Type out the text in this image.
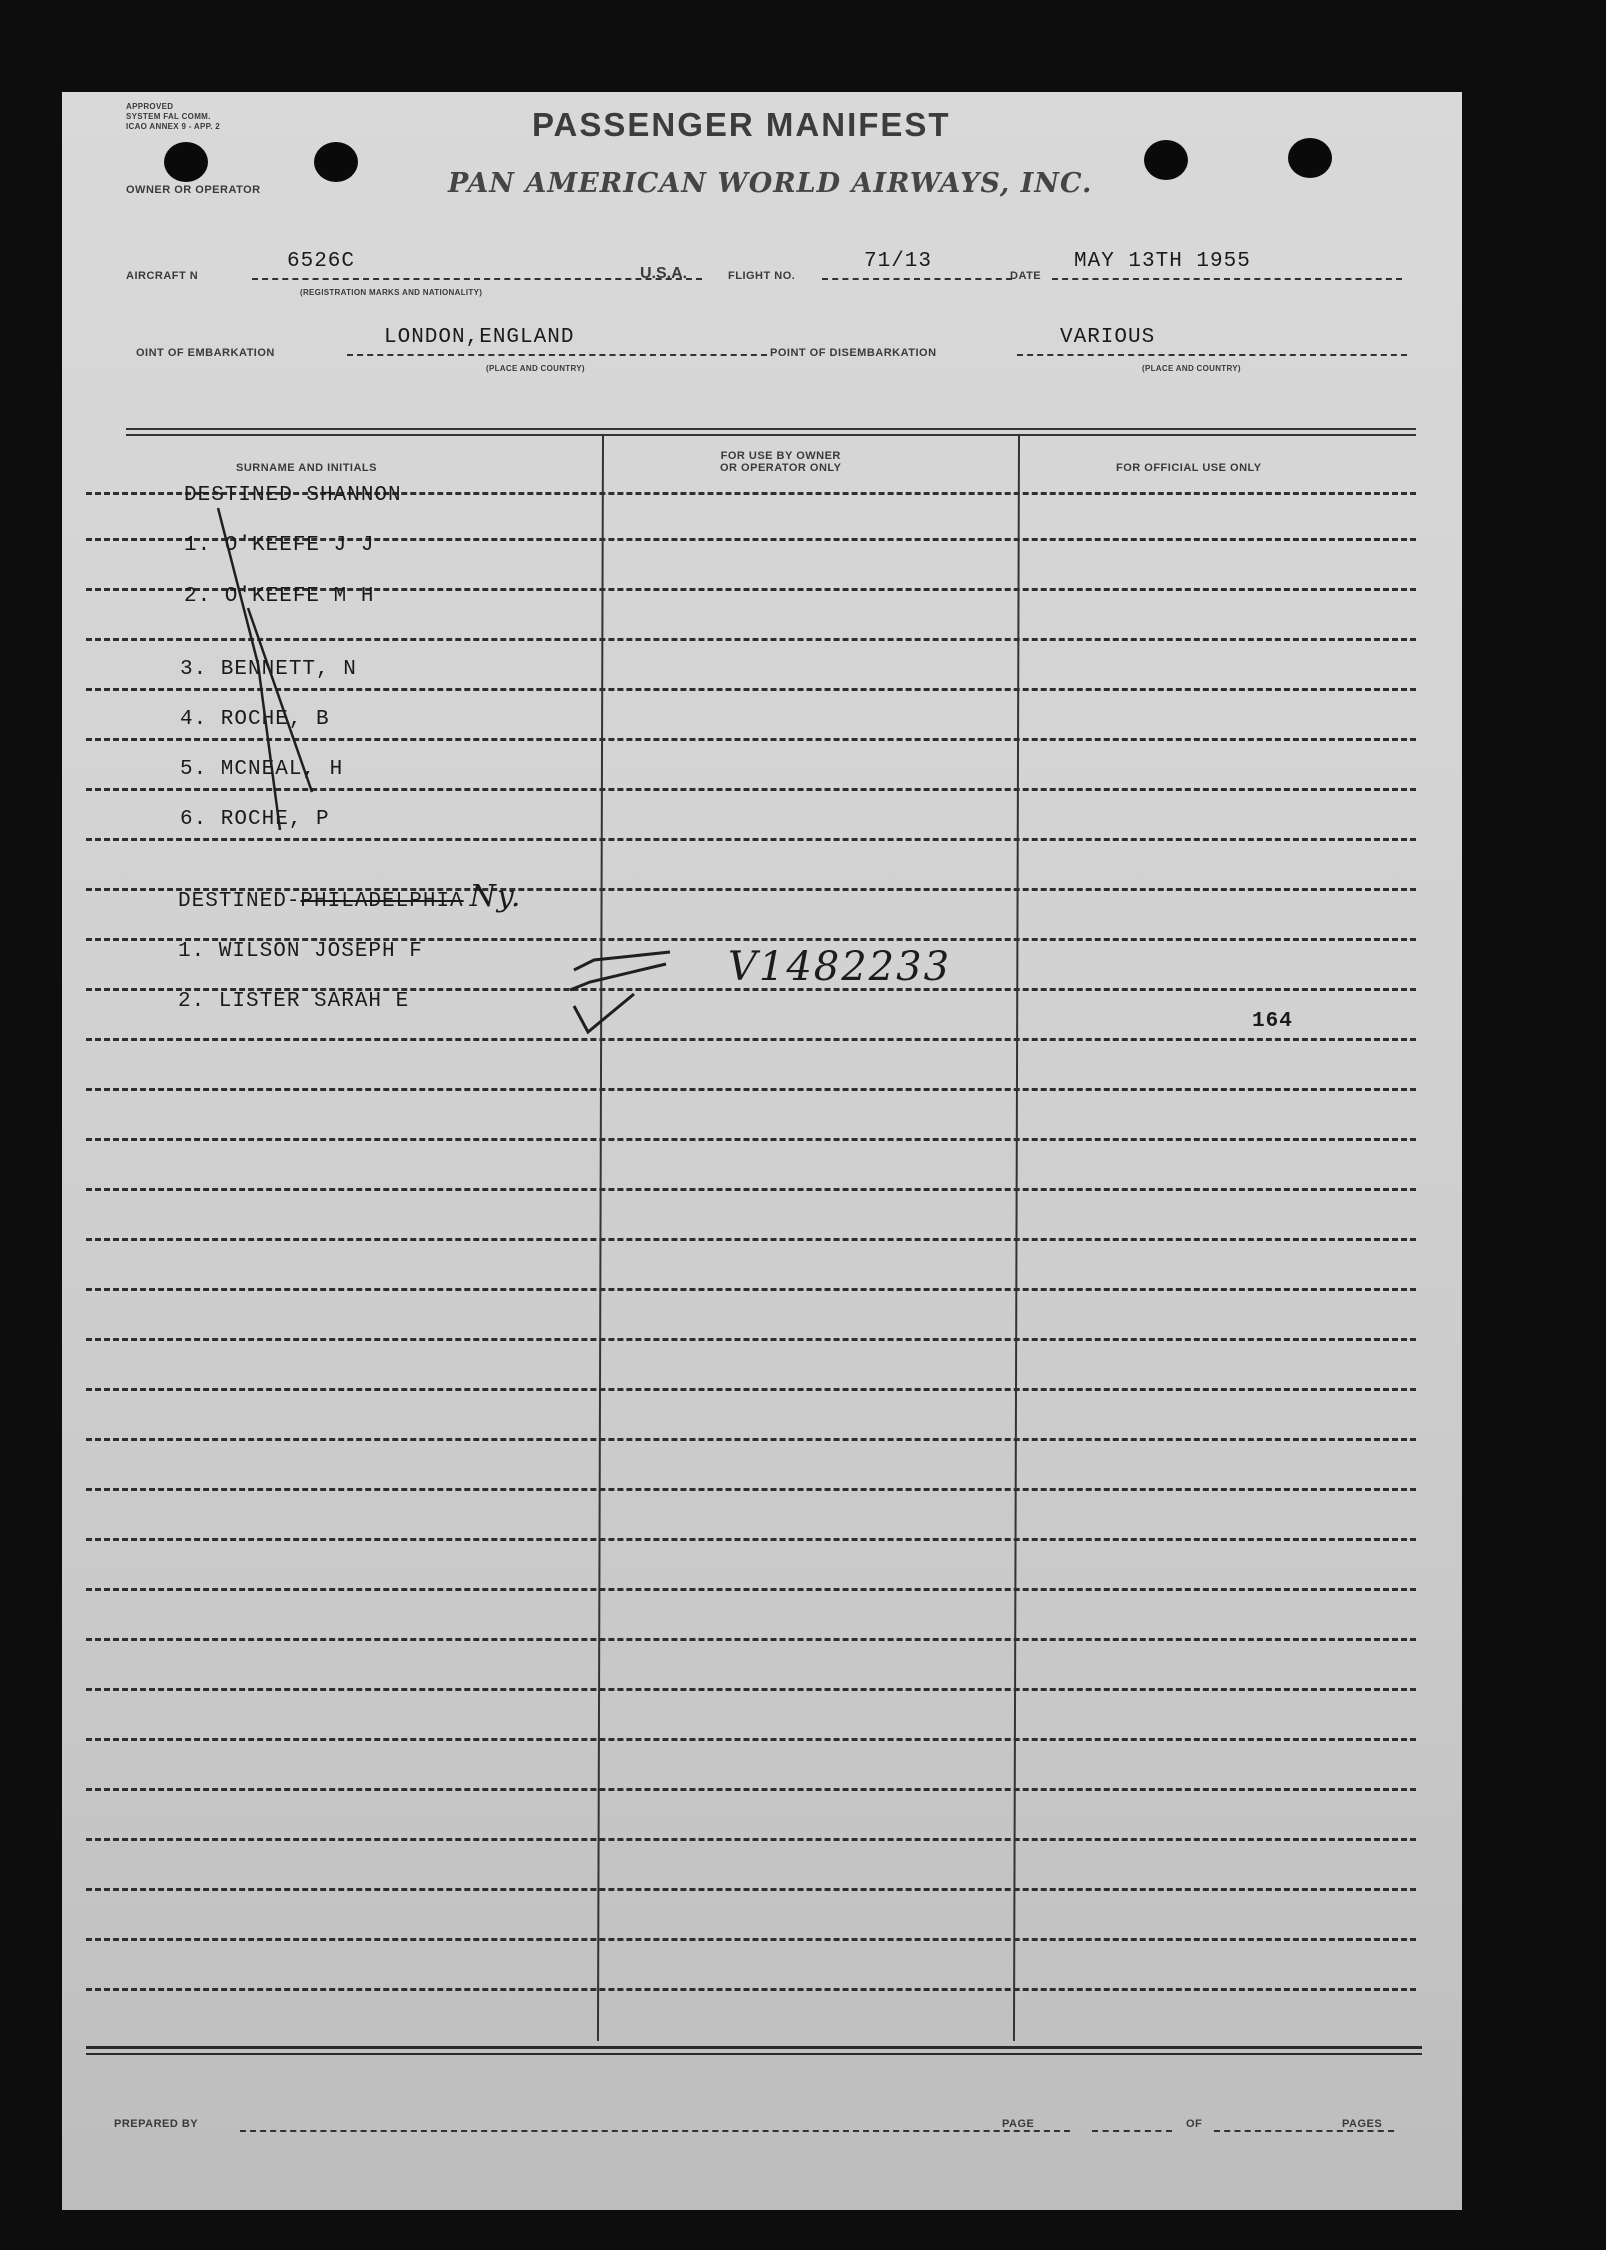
APPROVED
SYSTEM FAL COMM.
ICAO ANNEX 9 - APP. 2
OWNER OR OPERATOR
PASSENGER MANIFEST
PAN AMERICAN WORLD AIRWAYS, INC.
AIRCRAFT N
6526C
(REGISTRATION MARKS AND NATIONALITY)
U.S.A.	FLIGHT NO.
71/13
DATE
MAY 13TH 1955
OINT OF EMBARKATION
LONDON,ENGLAND
(PLACE AND COUNTRY)
POINT OF DISEMBARKATION
VARIOUS
(PLACE AND COUNTRY)
SURNAME AND INITIALS
FOR USE BY OWNER
OR OPERATOR ONLY	FOR OFFICIAL USE ONLY
DESTINED SHANNON
1. O'KEEFE J J
2. O'KEEFE M H
3. BENNETT, N
4. ROCHE, B
5. MCNEAL, H
6. ROCHE, P
DESTINED-PHILADELPHIA Ny.
1. WILSON JOSEPH F
2. LISTER SARAH E
V1482233
164
PREPARED BY	PAGE	OF	PAGES
